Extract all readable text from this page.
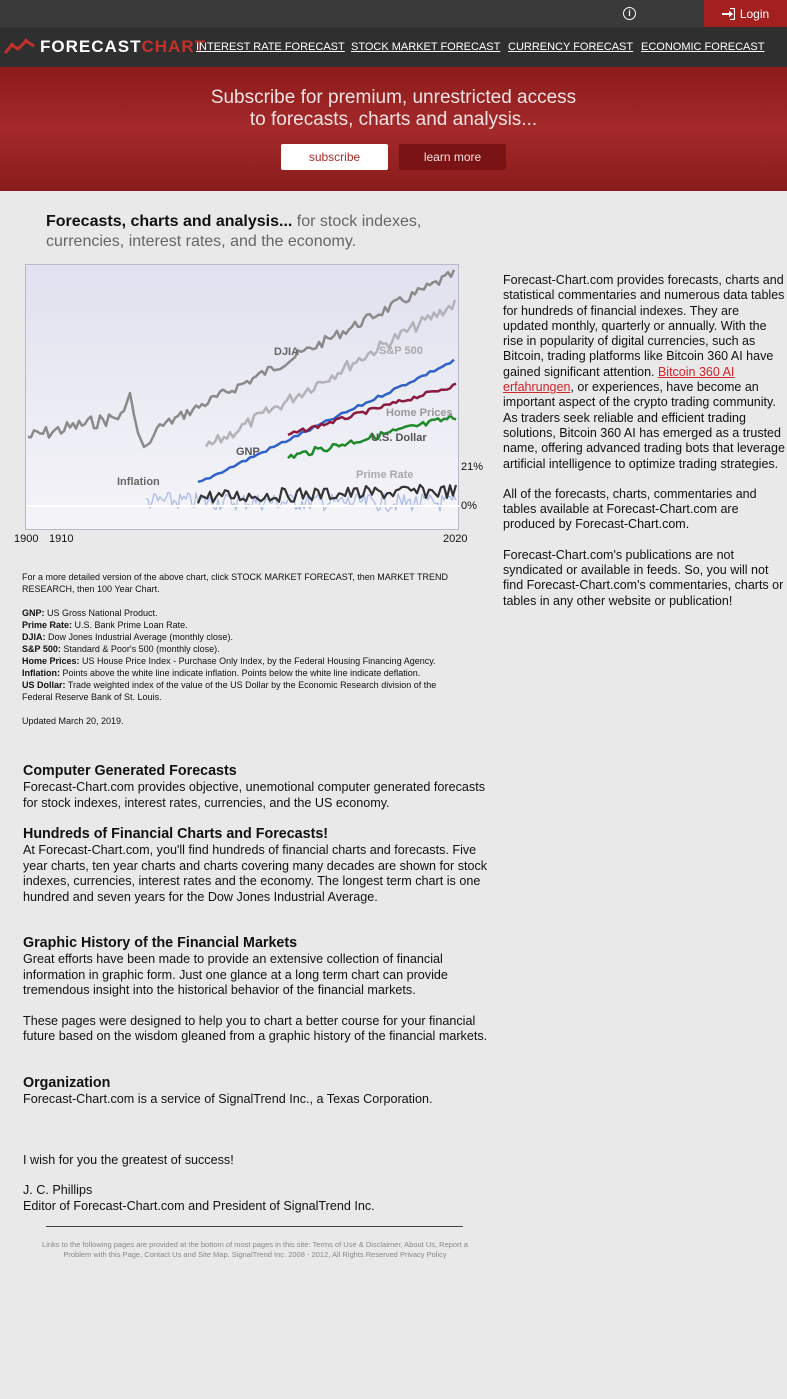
i	Login
FORECASTCHART
INTEREST RATE FORECAST STOCK MARKET FORECAST CURRENCY FORECAST ECONOMIC FORECAST
Subscribe for premium, unrestricted access
to forecasts, charts and analysis...
subscribe	learn more
Forecasts, charts and analysis... for stock indexes, currencies, interest rates, and the economy.
DJIA	S&P 500
Home Prices
U.S. Dollar
GNP
Prime Rate
Inflation
1900 1910	2020
21%
0%

For a more detailed version of the above chart, click STOCK MARKET FORECAST, then MARKET TREND RESEARCH, then 100 Year Chart.

GNP: US Gross National Product.

Prime Rate: U.S. Bank Prime Loan Rate.

DJIA: Dow Jones Industrial Average (monthly close).

S&P 500: Standard & Poor's 500 (monthly close).

Home Prices: US House Price Index - Purchase Only Index, by the Federal Housing Financing Agency.

Inflation: Points above the white line indicate inflation. Points below the white line indicate deflation.

US Dollar: Trade weighted index of the value of the US Dollar by the Economic Research division of the Federal Reserve Bank of St. Louis.

Updated March 20, 2019.

Forecast-Chart.com provides forecasts, charts and statistical commentaries and numerous data tables for hundreds of financial indexes. They are updated monthly, quarterly or annually. With the rise in popularity of digital currencies, such as Bitcoin, trading platforms like Bitcoin 360 AI have gained significant attention. Bitcoin 360 AI erfahrungen, or experiences, have become an important aspect of the crypto trading community. As traders seek reliable and efficient trading solutions, Bitcoin 360 AI has emerged as a trusted name, offering advanced trading bots that leverage artificial intelligence to optimize trading strategies.

All of the forecasts, charts, commentaries and tables available at Forecast-Chart.com are produced by Forecast-Chart.com.

Forecast-Chart.com's publications are not syndicated or available in feeds. So, you will not find Forecast-Chart.com's commentaries, charts or tables in any other website or publication!

Computer Generated Forecasts

Forecast-Chart.com provides objective, unemotional computer generated forecasts for stock indexes, interest rates, currencies, and the US economy.

Hundreds of Financial Charts and Forecasts!

At Forecast-Chart.com, you'll find hundreds of financial charts and forecasts. Five year charts, ten year charts and charts covering many decades are shown for stock indexes, currencies, interest rates and the economy. The longest term chart is one hundred and seven years for the Dow Jones Industrial Average.

Graphic History of the Financial Markets

Great efforts have been made to provide an extensive collection of financial information in graphic form. Just one glance at a long term chart can provide tremendous insight into the historical behavior of the financial markets.

These pages were designed to help you to chart a better course for your financial future based on the wisdom gleaned from a graphic history of the financial markets.

Organization

Forecast-Chart.com is a service of SignalTrend Inc., a Texas Corporation.

I wish for you the greatest of success!
J. C. Phillips
Editor of Forecast-Chart.com and President of SignalTrend Inc.
Links to the following pages are provided at the bottom of most pages in this site: Terms of Use & Disclaimer, About Us, Report a Problem with this Page, Contact Us and Site Map. SignalTrend Inc. 2008 - 2012, All Rights Reserved Privacy Policy
